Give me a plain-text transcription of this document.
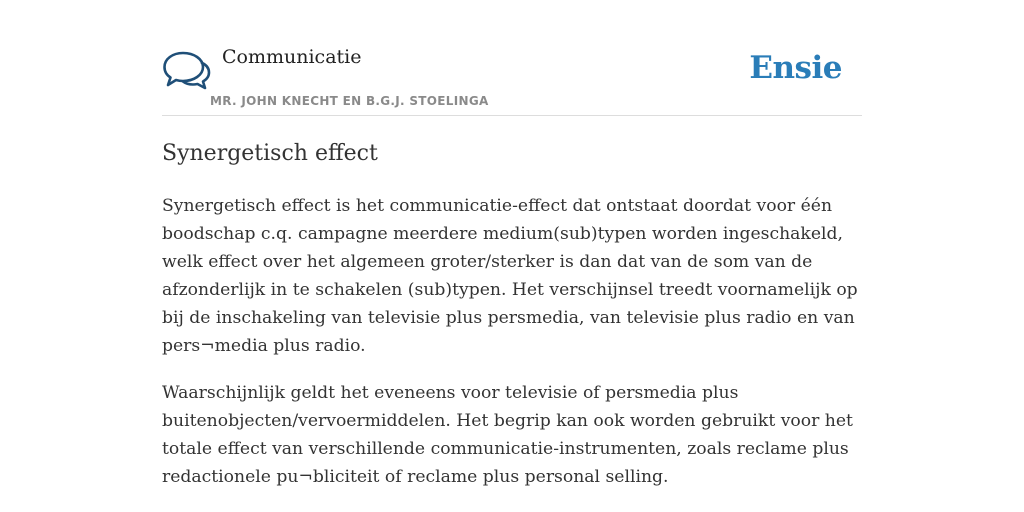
Communicatie
MR. JOHN KNECHT EN B.G.J. STOELINGA
Ensie
Synergetisch effect

Synergetisch effect is het communicatie-effect dat ontstaat doordat voor één boodschap c.q. campagne meerdere medium(sub)typen worden ingeschakeld, welk effect over het algemeen groter/sterker is dan dat van de som van de afzonderlijk in te schakelen (sub)typen. Het verschijnsel treedt voornamelijk op bij de inschakeling van televisie plus persmedia, van televisie plus radio en van pers¬media plus radio.

Waarschijnlijk geldt het eveneens voor televisie of persmedia plus buitenobjecten/vervoermiddelen. Het begrip kan ook worden gebruikt voor het totale effect van verschillende communicatie-instrumenten, zoals reclame plus redactionele pu¬bliciteit of reclame plus personal selling.
